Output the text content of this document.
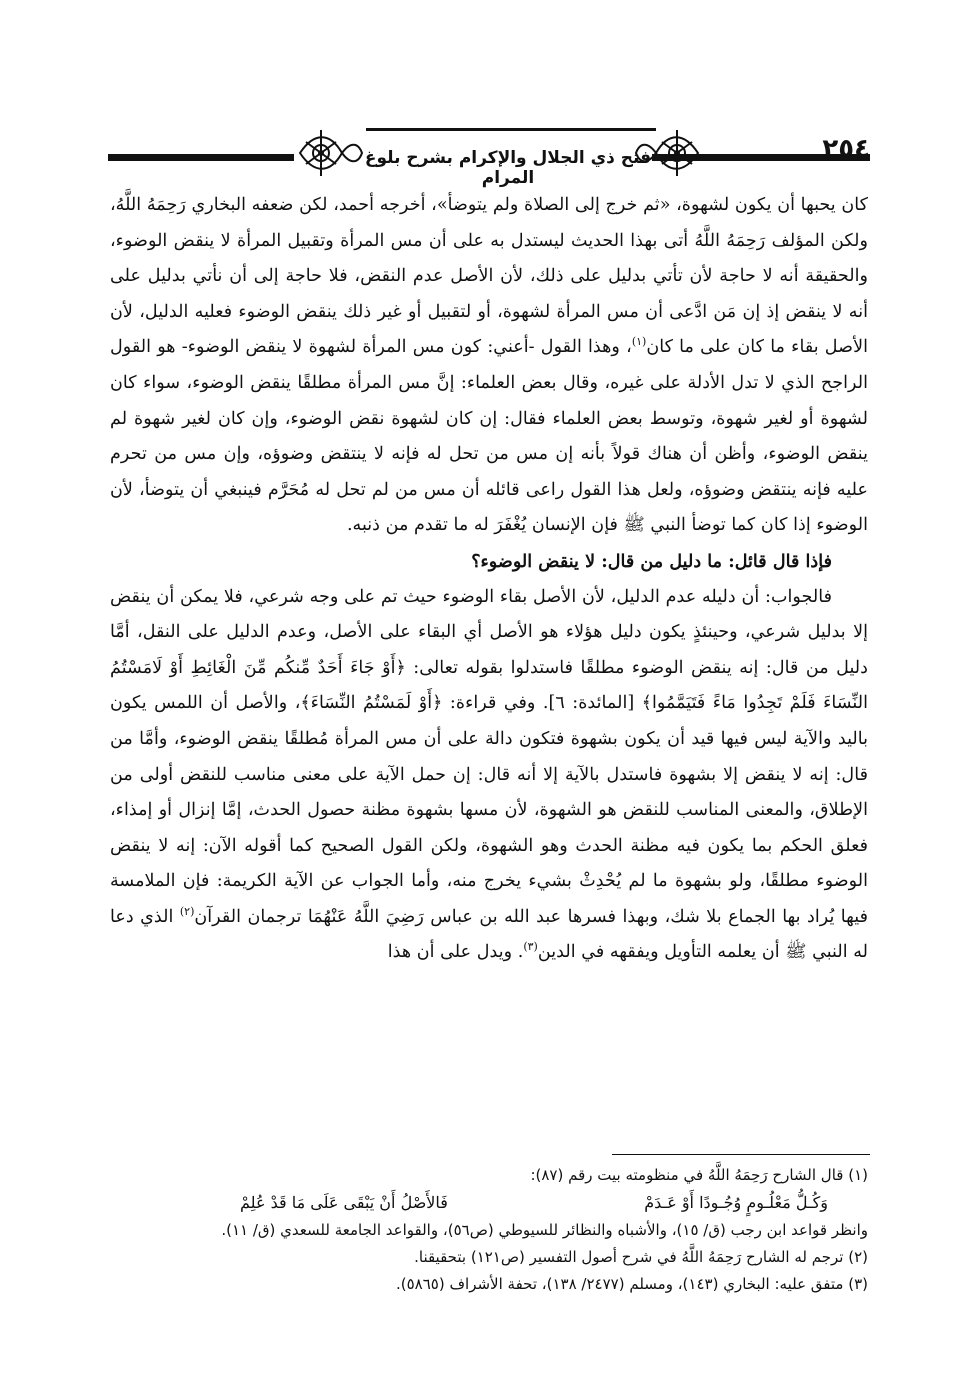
فتح ذي الجلال والإكرام بشرح بلوغ المرام
٢٥٤

كان يحبها أن يكون لشهوة، «ثم خرج إلى الصلاة ولم يتوضأ»، أخرجه أحمد، لكن ضعفه البخاري رَحِمَهُ اللَّهُ، ولكن المؤلف رَحِمَهُ اللَّهُ أتى بهذا الحديث ليستدل به على أن مس المرأة وتقبيل المرأة لا ينقض الوضوء، والحقيقة أنه لا حاجة لأن تأتي بدليل على ذلك، لأن الأصل عدم النقض، فلا حاجة إلى أن نأتي بدليل على أنه لا ينقض إذ إن مَن ادَّعى أن مس المرأة لشهوة، أو لتقبيل أو غير ذلك ينقض الوضوء فعليه الدليل، لأن الأصل بقاء ما كان على ما كان$^{(١)}$، وهذا القول -أعني: كون مس المرأة لشهوة لا ينقض الوضوء- هو القول الراجح الذي لا تدل الأدلة على غيره، وقال بعض العلماء: إنَّ مس المرأة مطلقًا ينقض الوضوء، سواء كان لشهوة أو لغير شهوة، وتوسط بعض العلماء فقال: إن كان لشهوة نقض الوضوء، وإن كان لغير شهوة لم ينقض الوضوء، وأظن أن هناك قولاً بأنه إن مس من تحل له فإنه لا ينتقض وضوؤه، وإن مس من تحرم عليه فإنه ينتقض وضوؤه، ولعل هذا القول راعى قائله أن مس من لم تحل له مُحَرَّم فينبغي أن يتوضأ، لأن الوضوء إذا كان كما توضأ النبي ﷺ فإن الإنسان يُغْفَرَ له ما تقدم من ذنبه.

فإذا قال قائل: ما دليل من قال: لا ينقض الوضوء؟

فالجواب: أن دليله عدم الدليل، لأن الأصل بقاء الوضوء حيث تم على وجه شرعي، فلا يمكن أن ينقض إلا بدليل شرعي، وحينئذٍ يكون دليل هؤلاء هو الأصل أي البقاء على الأصل، وعدم الدليل على النقل، أمَّا دليل من قال: إنه ينقض الوضوء مطلقًا فاستدلوا بقوله تعالى: ﴿أَوْ جَاءَ أَحَدٌ مِّنكُم مِّنَ الْغَائِطِ أَوْ لَامَسْتُمُ النِّسَاءَ فَلَمْ تَجِدُوا مَاءً فَتَيَمَّمُوا﴾ [المائدة: ٦]. وفي قراءة: ﴿أَوْ لَمَسْتُمُ النِّسَاءَ﴾، والأصل أن اللمس يكون باليد والآية ليس فيها قيد أن يكون بشهوة فتكون دالة على أن مس المرأة مُطلقًا ينقض الوضوء، وأمَّا من قال: إنه لا ينقض إلا بشهوة فاستدل بالآية إلا أنه قال: إن حمل الآية على معنى مناسب للنقض أولى من الإطلاق، والمعنى المناسب للنقض هو الشهوة، لأن مسها بشهوة مظنة حصول الحدث، إمَّا إنزال أو إمذاء، فعلق الحكم بما يكون فيه مظنة الحدث وهو الشهوة، ولكن القول الصحيح كما أقوله الآن: إنه لا ينقض الوضوء مطلقًا، ولو بشهوة ما لم يُحْدِثْ بشيء يخرج منه، وأما الجواب عن الآية الكريمة: فإن الملامسة فيها يُراد بها الجماع بلا شك، وبهذا فسرها عبد الله بن عباس رَضِيَ اللَّهُ عَنْهُمَا ترجمان القرآن$^{(٢)}$ الذي دعا له النبي ﷺ أن يعلمه التأويل ويفقهه في الدين$^{(٣)}$. ويدل على أن هذا

(١) قال الشارح رَحِمَهُ اللَّهُ في منظومته بيت رقم (٨٧):

وَكُـلُّ مَعْلُـومٍ وُجُـودًا أَوْ عَـدَمْ
فَالأَصْلُ أَنْ يَبْقَى عَلَى مَا قَدْ عُلِمْ

وانظر قواعد ابن رجب (ق/ ١٥)، والأشباه والنظائر للسيوطي (ص٥٦)، والقواعد الجامعة للسعدي (ق/ ١١).

(٢) ترجم له الشارح رَحِمَهُ اللَّهُ في شرح أصول التفسير (ص١٢١) بتحقيقنا.

(٣) متفق عليه: البخاري (١٤٣)، ومسلم (٢٤٧٧/ ١٣٨)، تحفة الأشراف (٥٨٦٥).
